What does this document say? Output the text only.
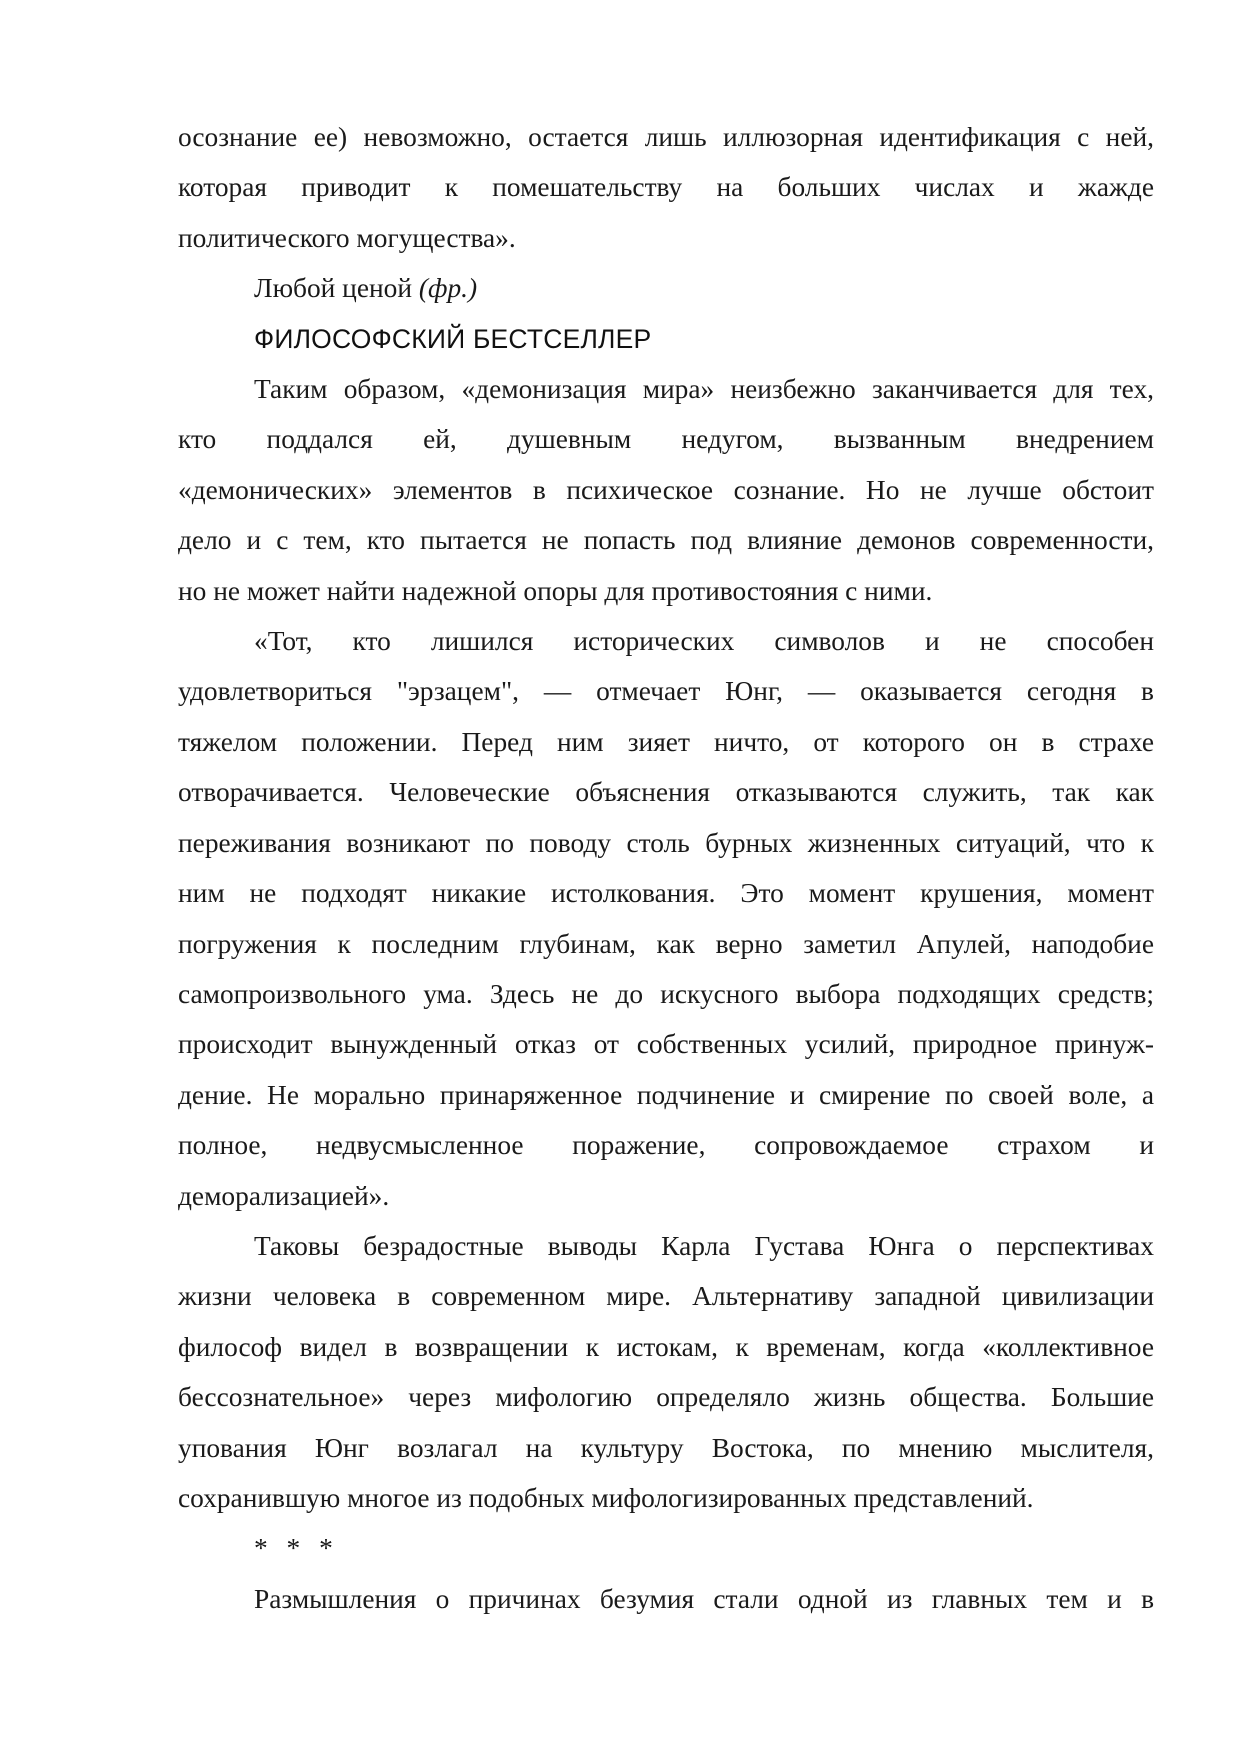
осознание ее) невозможно, остается лишь иллюзорная идентификация с ней,
которая приводит к помешательству на больших числах и жажде
политического могущества».
Любой ценой (фр.)
ФИЛОСОФСКИЙ БЕСТСЕЛЛЕР
Таким образом, «демонизация мира» неизбежно заканчивается для тех,
кто поддался ей, душевным недугом, вызванным внедрением
«демонических» элементов в психическое сознание. Но не лучше обстоит
дело и с тем, кто пытается не попасть под влияние демонов современности,
но не может найти надежной опоры для противостояния с ними.
«Тот, кто лишился исторических символов и не способен
удовлетвориться "эрзацем", — отмечает Юнг, — оказывается сегодня в
тяжелом положении. Перед ним зияет ничто, от которого он в страхе
отворачивается. Человеческие объяснения отказываются служить, так как
переживания возникают по поводу столь бурных жизненных ситуаций, что к
ним не подходят никакие истолкования. Это момент крушения, момент
погружения к последним глубинам, как верно заметил Апулей, наподобие
самопроизвольного ума. Здесь не до искусного выбора подходящих средств;
происходит вынужденный отказ от собственных усилий, природное принуж-
дение. Не морально принаряженное подчинение и смирение по своей воле, а
полное, недвусмысленное поражение, сопровождаемое страхом и
деморализацией».
Таковы безрадостные выводы Карла Густава Юнга о перспективах
жизни человека в современном мире. Альтернативу западной цивилизации
философ видел в возвращении к истокам, к временам, когда «коллективное
бессознательное» через мифологию определяло жизнь общества. Большие
упования Юнг возлагал на культуру Востока, по мнению мыслителя,
сохранившую многое из подобных мифологизированных представлений.
* * *
Размышления о причинах безумия стали одной из главных тем и в
